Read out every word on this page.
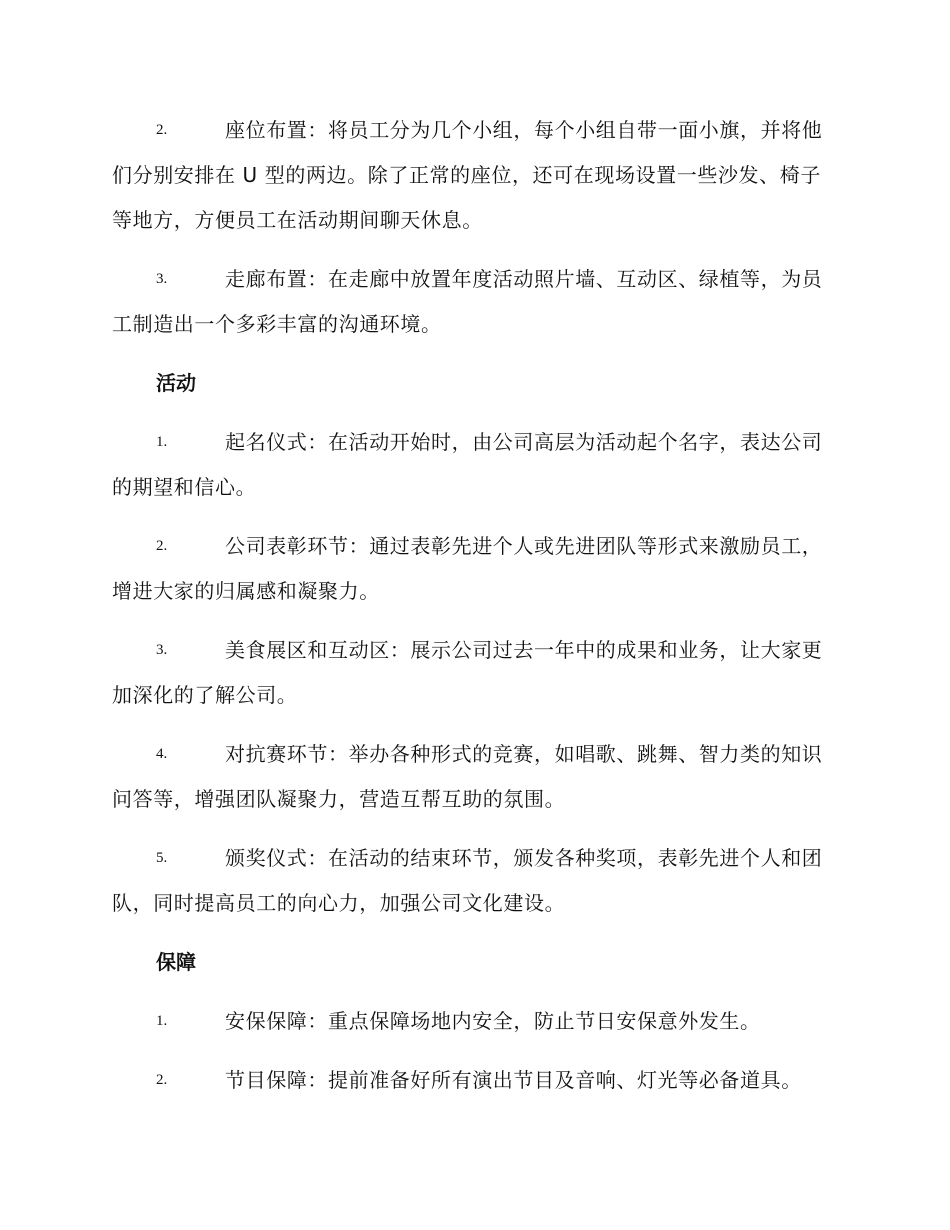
2.	座位布置：将员工分为几个小组，每个小组自带一面小旗，并将他们分别安排在 U 型的两边。除了正常的座位，还可在现场设置一些沙发、椅子等地方，方便员工在活动期间聊天休息。
3.	走廊布置：在走廊中放置年度活动照片墙、互动区、绿植等，为员工制造出一个多彩丰富的沟通环境。
活动
1.	起名仪式：在活动开始时，由公司高层为活动起个名字，表达公司的期望和信心。
2.	公司表彰环节：通过表彰先进个人或先进团队等形式来激励员工，增进大家的归属感和凝聚力。
3.	美食展区和互动区：展示公司过去一年中的成果和业务，让大家更加深化的了解公司。
4.	对抗赛环节：举办各种形式的竞赛，如唱歌、跳舞、智力类的知识问答等，增强团队凝聚力，营造互帮互助的氛围。
5.	颁奖仪式：在活动的结束环节，颁发各种奖项，表彰先进个人和团队，同时提高员工的向心力，加强公司文化建设。
保障
1.	安保保障：重点保障场地内安全，防止节日安保意外发生。
2.	节目保障：提前准备好所有演出节目及音响、灯光等必备道具。
